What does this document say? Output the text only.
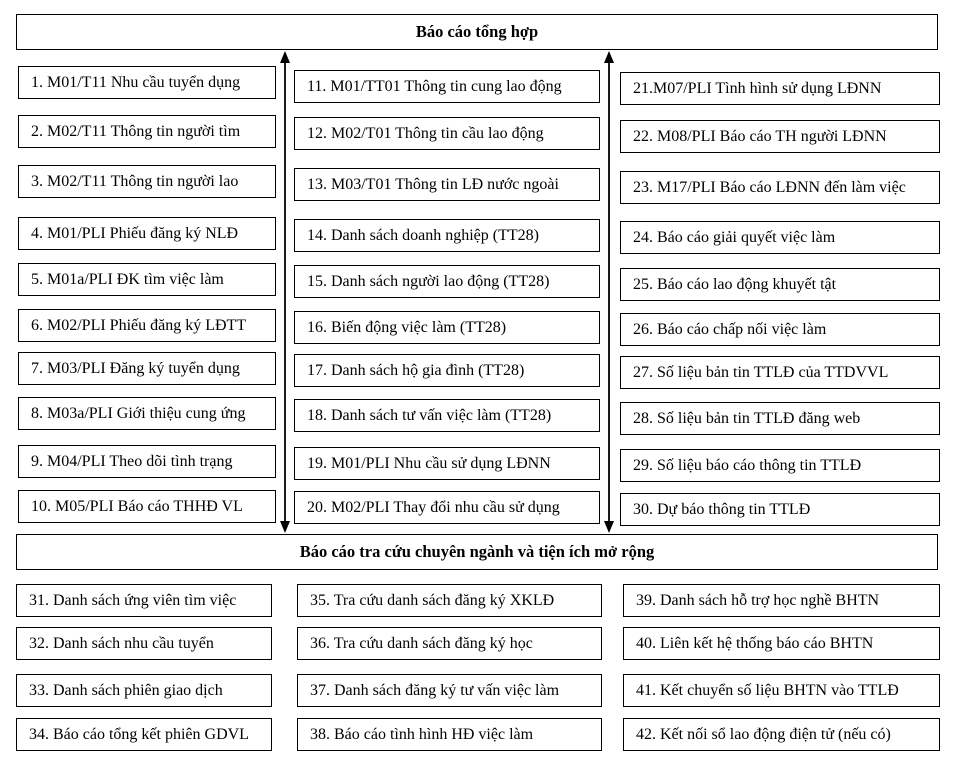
Báo cáo tổng hợp
Báo cáo tra cứu chuyên ngành và tiện ích mở rộng
1. M01/T11 Nhu cầu tuyển dụng
2. M02/T11 Thông tin người tìm
3. M02/T11 Thông tin người lao
4. M01/PLI Phiếu đăng ký NLĐ
5. M01a/PLI ĐK tìm việc làm
6. M02/PLI Phiếu đăng ký LĐTT
7. M03/PLI Đăng ký tuyển dụng
8. M03a/PLI Giới thiệu cung ứng
9. M04/PLI Theo dõi tình trạng
10. M05/PLI Báo cáo THHĐ VL
11. M01/TT01 Thông tin cung lao động
12. M02/T01 Thông tin cầu lao động
13. M03/T01 Thông tin LĐ nước ngoài
14. Danh sách doanh nghiệp (TT28)
15. Danh sách người lao động (TT28)
16. Biến động việc làm (TT28)
17. Danh sách hộ gia đình (TT28)
18. Danh sách tư vấn việc làm (TT28)
19. M01/PLI Nhu cầu sử dụng LĐNN
20. M02/PLI Thay đổi nhu cầu sử dụng
21.M07/PLI Tình hình sử dụng LĐNN
22. M08/PLI Báo cáo TH người LĐNN
23. M17/PLI Báo cáo LĐNN đến làm việc
24. Báo cáo giải quyết việc làm
25. Báo cáo lao động khuyết tật
26. Báo cáo chấp nối việc làm
27. Số liệu bản tin TTLĐ của TTDVVL
28. Số liệu bản tin TTLĐ đăng web
29. Số liệu báo cáo thông tin TTLĐ
30. Dự báo thông tin TTLĐ
31. Danh sách ứng viên tìm việc
32. Danh sách nhu cầu tuyển
33. Danh sách phiên giao dịch
34. Báo cáo tổng kết phiên GDVL
35. Tra cứu danh sách đăng ký XKLĐ
36. Tra cứu danh sách đăng ký học
37. Danh sách đăng ký tư vấn việc làm
38. Báo cáo tình hình HĐ việc làm
39. Danh sách hỗ trợ học nghề BHTN
40. Liên kết hệ thống báo cáo BHTN
41. Kết chuyển số liệu BHTN vào TTLĐ
42. Kết nối sổ lao động điện tử (nếu có)
